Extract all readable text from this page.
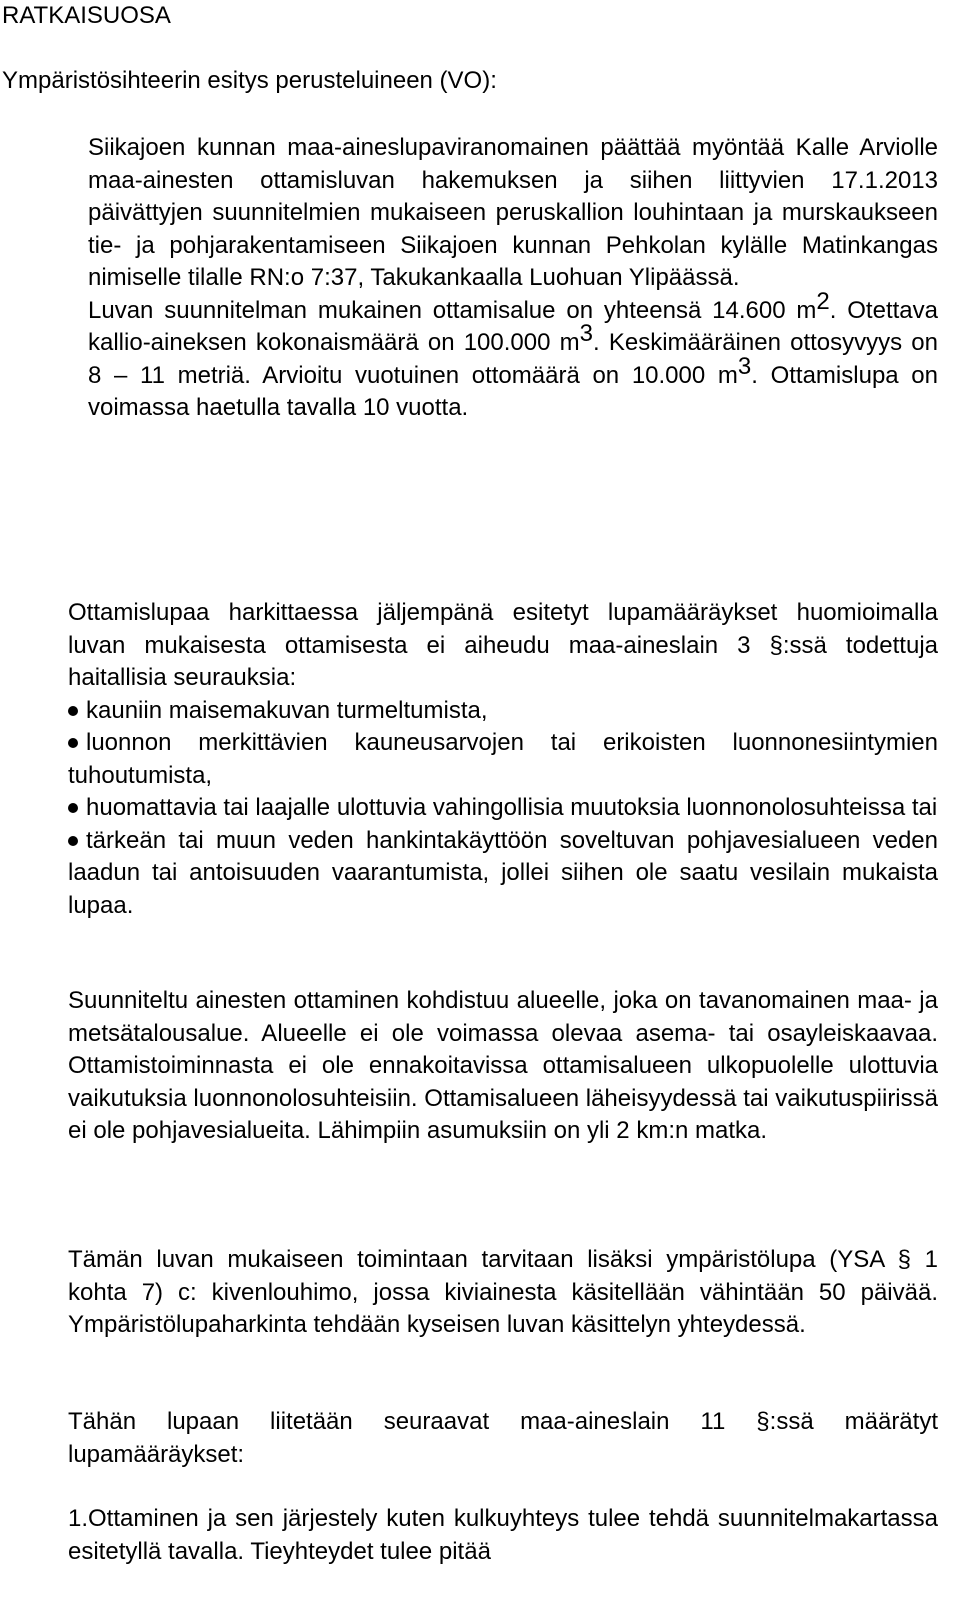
RATKAISUOSA
Ympäristösihteerin esitys perusteluineen (VO):

Siikajoen kunnan maa-aineslupaviranomainen päättää myöntää Kalle Arviolle maa-ainesten ottamisluvan hakemuksen ja siihen liittyvien 17.1.2013 päivättyjen suunnitelmien mukaiseen peruskallion louhintaan ja murskaukseen tie- ja pohjarakentamiseen Siikajoen kunnan Pehkolan kylälle Matinkangas nimiselle tilalle RN:o 7:37, Takukankaalla Luohuan Ylipäässä.

Luvan suunnitelman mukainen ottamisalue on yhteensä 14.600 $m^2$. Otettava kallio-aineksen kokonaismäärä on 100.000 $m^3$. Keskimääräinen ottosyvyys on 8 – 11 metriä. Arvioitu vuotuinen ottomäärä on 10.000 $m^3$. Ottamislupa on voimassa haetulla tavalla 10 vuotta.

Ottamislupaa harkittaessa jäljempänä esitetyt lupamääräykset huomioimalla luvan mukaisesta ottamisesta ei aiheudu maa-aineslain 3 §:ssä todettuja haitallisia seurauksia:

kauniin maisemakuvan turmeltumista,
luonnon merkittävien kauneusarvojen tai erikoisten luonnonesiintymien tuhoutumista,
huomattavia tai laajalle ulottuvia vahingollisia muutoksia luonnonolosuhteissa tai
tärkeän tai muun veden hankintakäyttöön soveltuvan pohjavesialueen veden laadun tai antoisuuden vaarantumista, jollei siihen ole saatu vesilain mukaista lupaa.

Suunniteltu ainesten ottaminen kohdistuu alueelle, joka on tavanomainen maa- ja metsätalousalue. Alueelle ei ole voimassa olevaa asema- tai osayleiskaavaa. Ottamistoiminnasta ei ole ennakoitavissa ottamisalueen ulkopuolelle ulottuvia vaikutuksia luonnonolosuhteisiin. Ottamisalueen läheisyydessä tai vaikutuspiirissä ei ole pohjavesialueita. Lähimpiin asumuksiin on yli 2 km:n matka.

Tämän luvan mukaiseen toimintaan tarvitaan lisäksi ympäristölupa (YSA § 1 kohta 7) c: kivenlouhimo, jossa kiviainesta käsitellään vähintään 50 päivää. Ympäristölupaharkinta tehdään kyseisen luvan käsittelyn yhteydessä.

Tähän lupaan liitetään seuraavat maa-aineslain 11 §:ssä määrätyt lupamääräykset:

1.Ottaminen ja sen järjestely kuten kulkuyhteys tulee tehdä suunnitelmakartassa esitetyllä tavalla. Tieyhteydet tulee pitää
